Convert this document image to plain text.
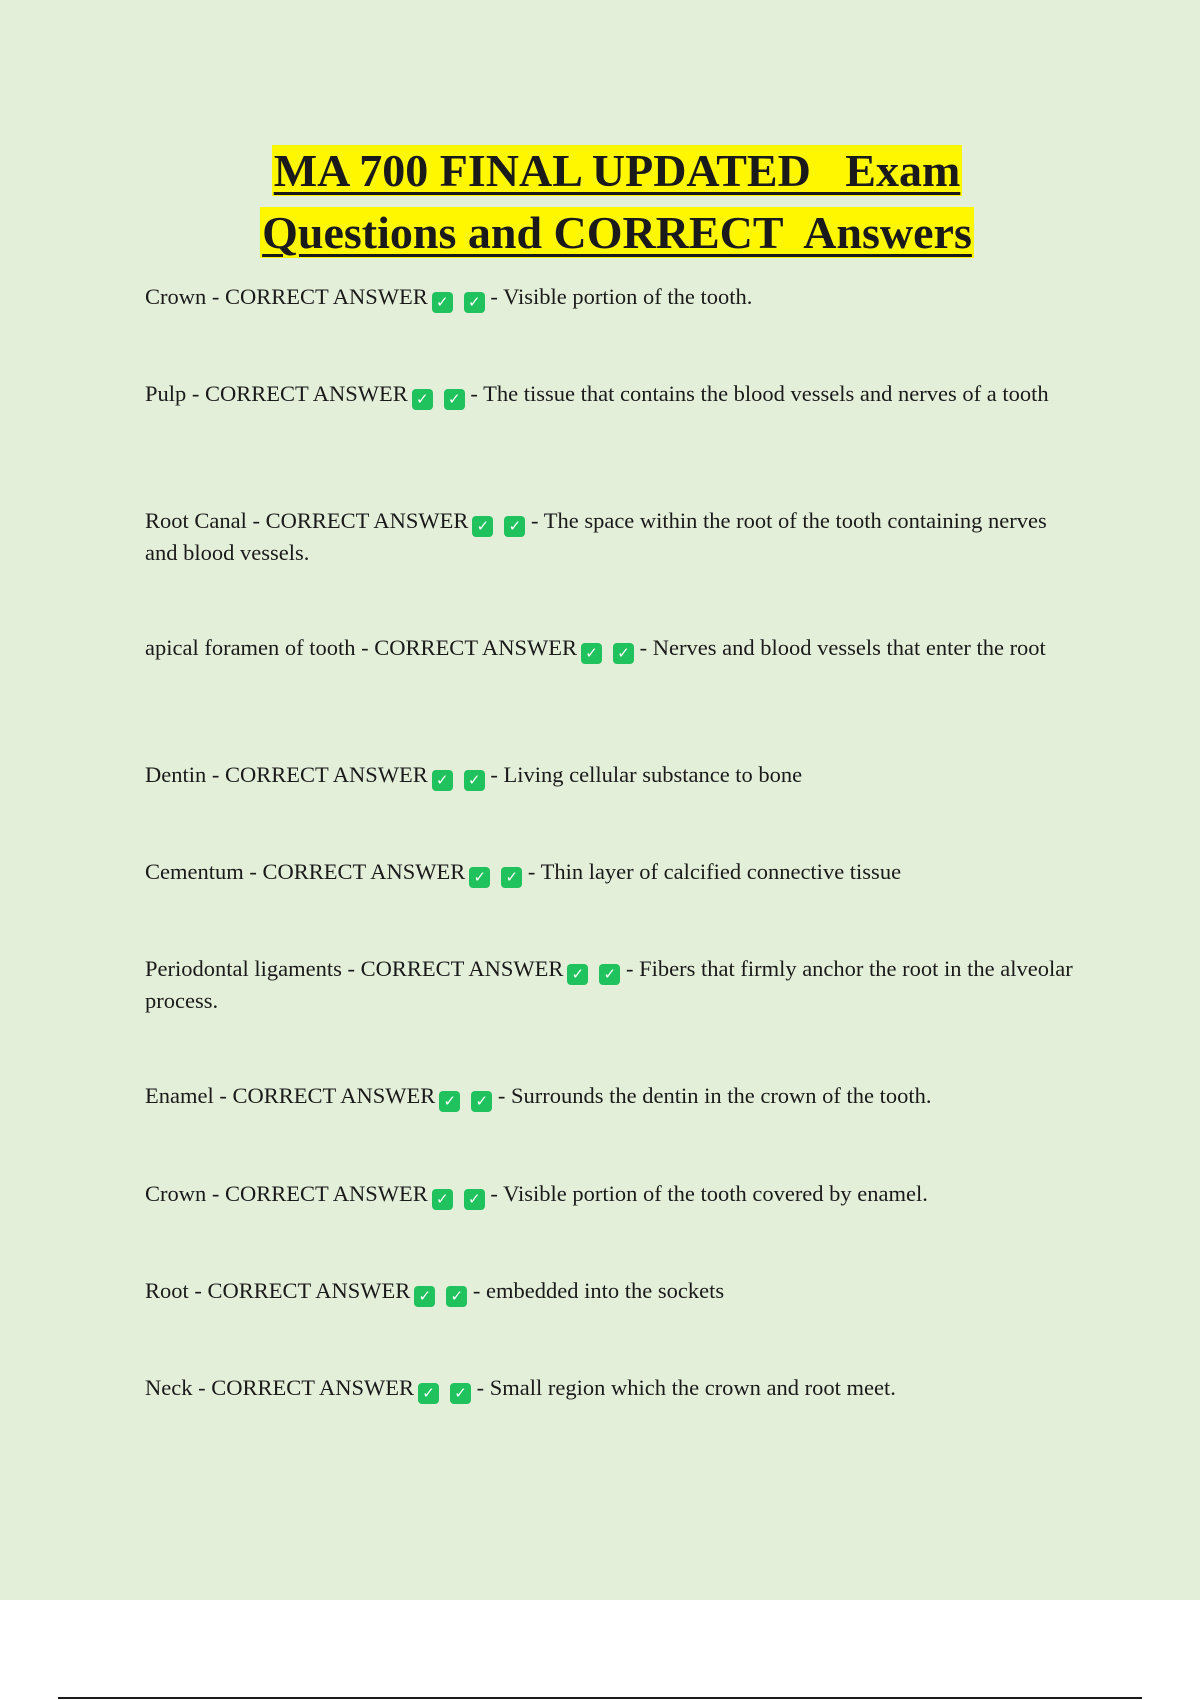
MA 700 FINAL UPDATED   Exam
Questions and CORRECT  Answers

Crown - CORRECT ANSWER ✓ ✓ - Visible portion of the tooth.

Pulp - CORRECT ANSWER ✓ ✓ - The tissue that contains the blood vessels and nerves of a tooth

Root Canal - CORRECT ANSWER ✓ ✓ - The space within the root of the tooth containing nerves and blood vessels.

apical foramen of tooth - CORRECT ANSWER ✓ ✓ - Nerves and blood vessels that enter the root

Dentin - CORRECT ANSWER ✓ ✓ - Living cellular substance to bone

Cementum - CORRECT ANSWER ✓ ✓ - Thin layer of calcified connective tissue

Periodontal ligaments - CORRECT ANSWER ✓ ✓ - Fibers that firmly anchor the root in the alveolar process.

Enamel - CORRECT ANSWER ✓ ✓ - Surrounds the dentin in the crown of the tooth.

Crown - CORRECT ANSWER ✓ ✓ - Visible portion of the tooth covered by enamel.

Root - CORRECT ANSWER ✓ ✓ - embedded into the sockets

Neck - CORRECT ANSWER ✓ ✓ - Small region which the crown and root meet.
